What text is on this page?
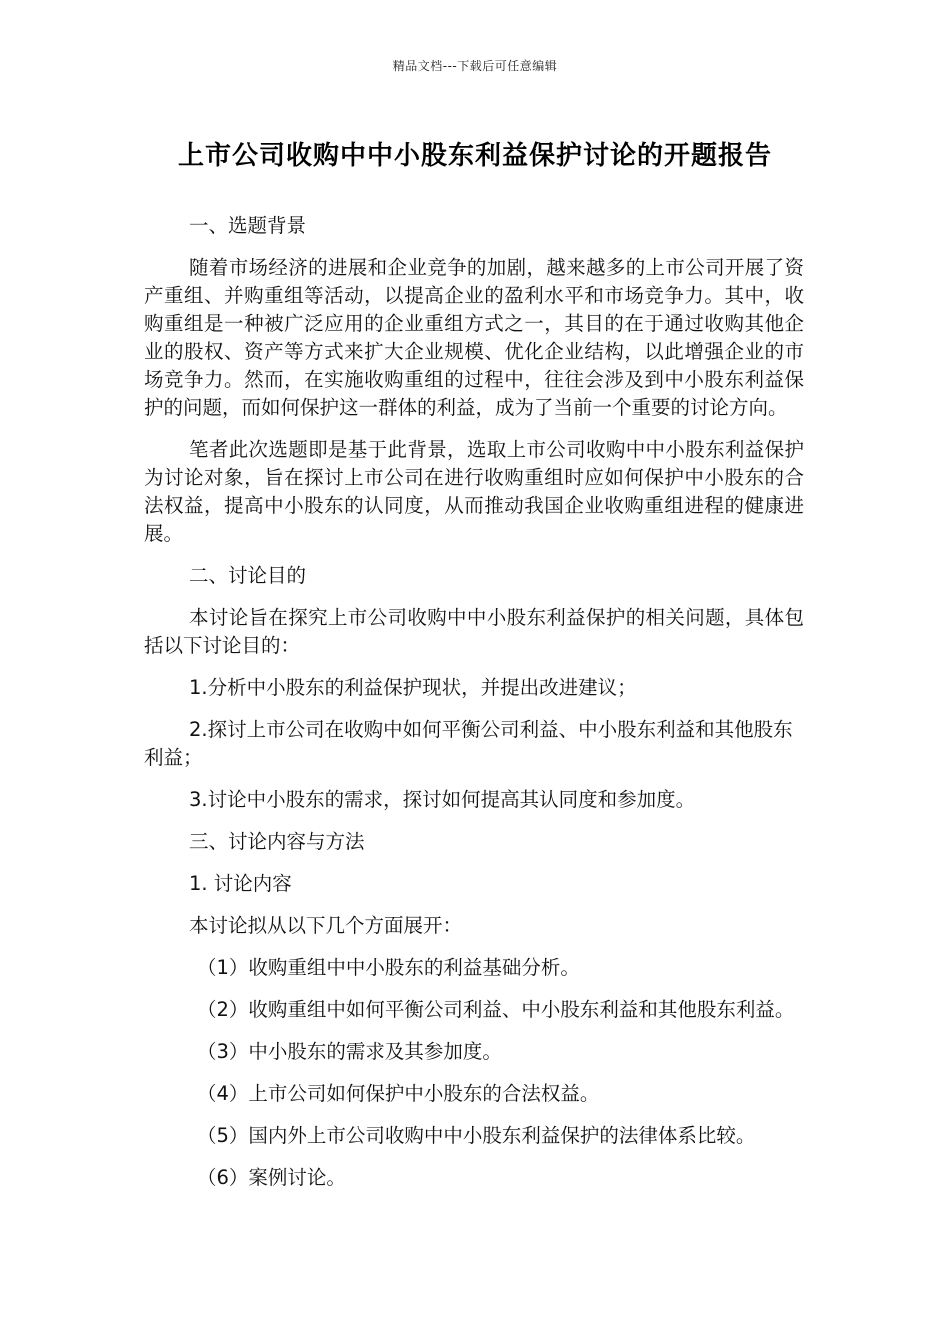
精品文档---下载后可任意编辑
上市公司收购中中小股东利益保护讨论的开题报告

一、选题背景

随着市场经济的进展和企业竞争的加剧，越来越多的上市公司开展了资产重组、并购重组等活动，以提高企业的盈利水平和市场竞争力。其中，收购重组是一种被广泛应用的企业重组方式之一，其目的在于通过收购其他企业的股权、资产等方式来扩大企业规模、优化企业结构，以此增强企业的市场竞争力。然而，在实施收购重组的过程中，往往会涉及到中小股东利益保护的问题，而如何保护这一群体的利益，成为了当前一个重要的讨论方向。

笔者此次选题即是基于此背景，选取上市公司收购中中小股东利益保护为讨论对象，旨在探讨上市公司在进行收购重组时应如何保护中小股东的合法权益，提高中小股东的认同度，从而推动我国企业收购重组进程的健康进展。

二、讨论目的

本讨论旨在探究上市公司收购中中小股东利益保护的相关问题，具体包括以下讨论目的：

1.分析中小股东的利益保护现状，并提出改进建议；

2.探讨上市公司在收购中如何平衡公司利益、中小股东利益和其他股东利益；

3.讨论中小股东的需求，探讨如何提高其认同度和参加度。

三、讨论内容与方法

1. 讨论内容

本讨论拟从以下几个方面展开：

（1）收购重组中中小股东的利益基础分析。

（2）收购重组中如何平衡公司利益、中小股东利益和其他股东利益。

（3）中小股东的需求及其参加度。

（4）上市公司如何保护中小股东的合法权益。

（5）国内外上市公司收购中中小股东利益保护的法律体系比较。

（6）案例讨论。
